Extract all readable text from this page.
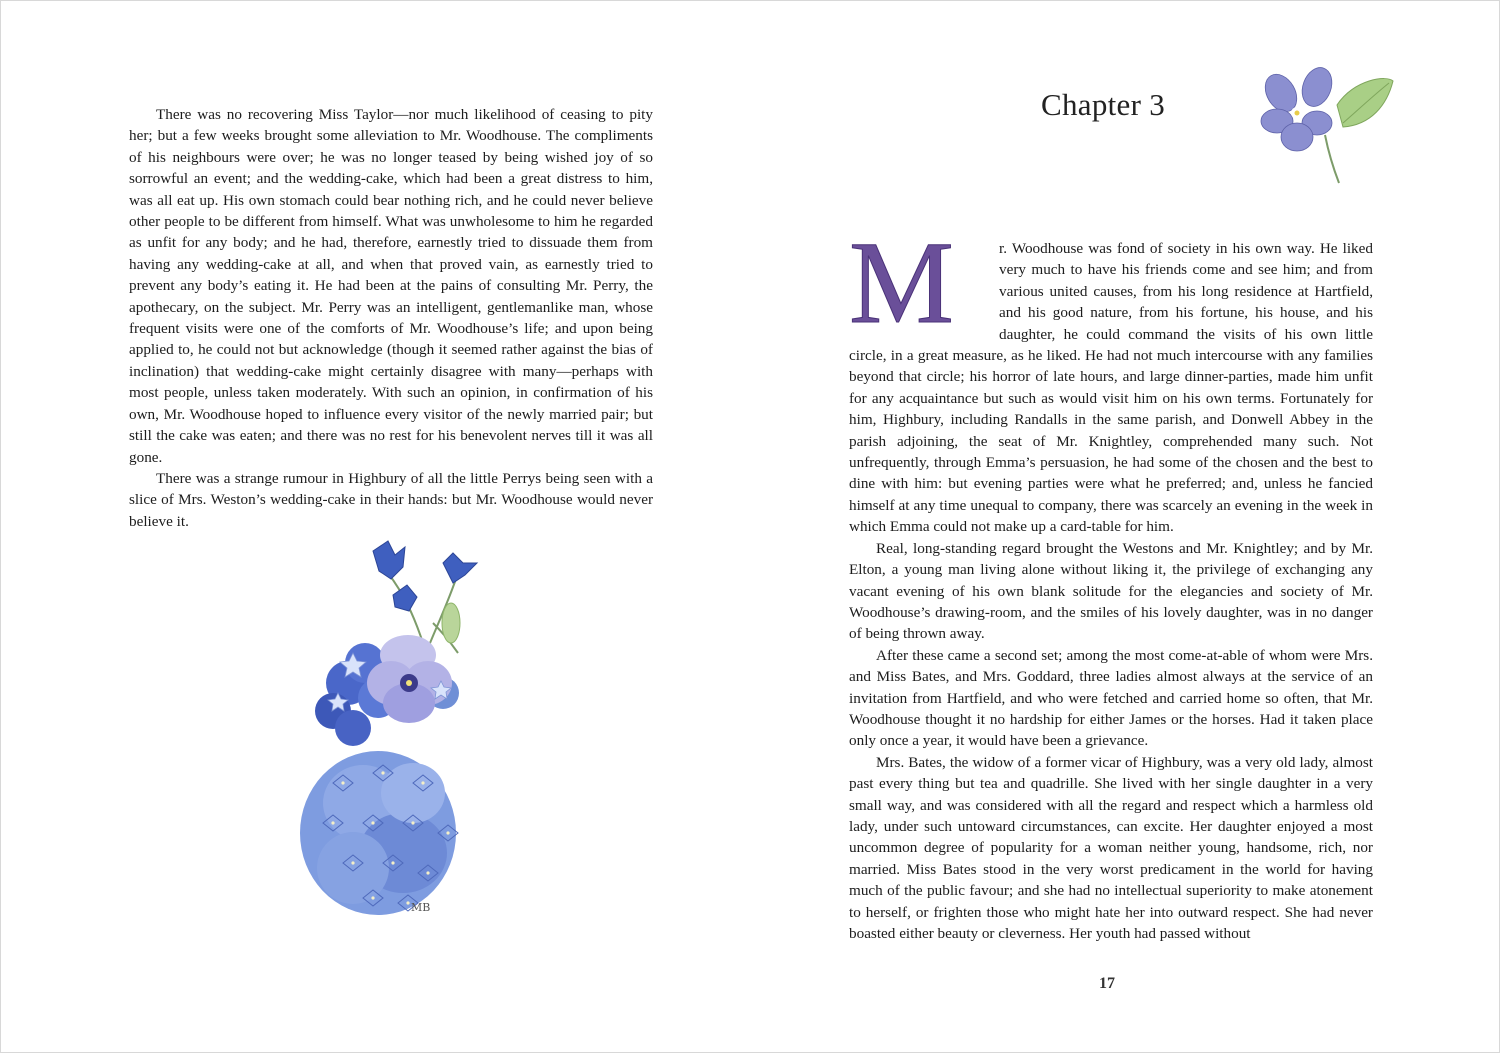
There was no recovering Miss Taylor—nor much likelihood of ceasing to pity her; but a few weeks brought some alleviation to Mr. Woodhouse. The compliments of his neighbours were over; he was no longer teased by being wished joy of so sorrowful an event; and the wedding-cake, which had been a great distress to him, was all eat up. His own stomach could bear nothing rich, and he could never believe other people to be different from himself. What was unwholesome to him he regarded as unfit for any body; and he had, therefore, earnestly tried to dissuade them from having any wedding-cake at all, and when that proved vain, as earnestly tried to prevent any body’s eating it. He had been at the pains of consulting Mr. Perry, the apothecary, on the subject. Mr. Perry was an intelligent, gentlemanlike man, whose frequent visits were one of the comforts of Mr. Woodhouse’s life; and upon being applied to, he could not but acknowledge (though it seemed rather against the bias of inclination) that wedding-cake might certainly disagree with many—perhaps with most people, unless taken moderately. With such an opinion, in confirmation of his own, Mr. Woodhouse hoped to influence every visitor of the newly married pair; but still the cake was eaten; and there was no rest for his benevolent nerves till it was all gone.

There was a strange rumour in Highbury of all the little Perrys being seen with a slice of Mrs. Weston’s wedding-cake in their hands: but Mr. Woodhouse would never believe it.

MB
Chapter 3
M	r. Woodhouse was fond of society in his own way. He liked very much to have his friends come and see him; and from various united causes, from his long residence at Hartfield, and his good nature, from his fortune, his house, and his daughter, he could command the visits of his own little circle, in a great measure, as he liked. He had not much intercourse with any families beyond that circle; his horror of late hours, and large dinner-parties, made him unfit for any acquaintance but such as would visit him on his own terms. Fortunately for him, Highbury, including Randalls in the same parish, and Donwell Abbey in the parish adjoining, the seat of Mr. Knightley, comprehended many such. Not unfrequently, through Emma’s persuasion, he had some of the chosen and the best to dine with him: but evening parties were what he preferred; and, unless he fancied himself at any time unequal to company, there was scarcely an evening in the week in which Emma could not make up a card-table for him.

Real, long-standing regard brought the Westons and Mr. Knightley; and by Mr. Elton, a young man living alone without liking it, the privilege of exchanging any vacant evening of his own blank solitude for the elegancies and society of Mr. Woodhouse’s drawing-room, and the smiles of his lovely daughter, was in no danger of being thrown away.

After these came a second set; among the most come-at-able of whom were Mrs. and Miss Bates, and Mrs. Goddard, three ladies almost always at the service of an invitation from Hartfield, and who were fetched and carried home so often, that Mr. Woodhouse thought it no hardship for either James or the horses. Had it taken place only once a year, it would have been a grievance.

Mrs. Bates, the widow of a former vicar of Highbury, was a very old lady, almost past every thing but tea and quadrille. She lived with her single daughter in a very small way, and was considered with all the regard and respect which a harmless old lady, under such untoward circumstances, can excite. Her daughter enjoyed a most uncommon degree of popularity for a woman neither young, handsome, rich, nor married. Miss Bates stood in the very worst predicament in the world for having much of the public favour; and she had no intellectual superiority to make atonement to herself, or frighten those who might hate her into outward respect. She had never boasted either beauty or cleverness. Her youth had passed without

17
